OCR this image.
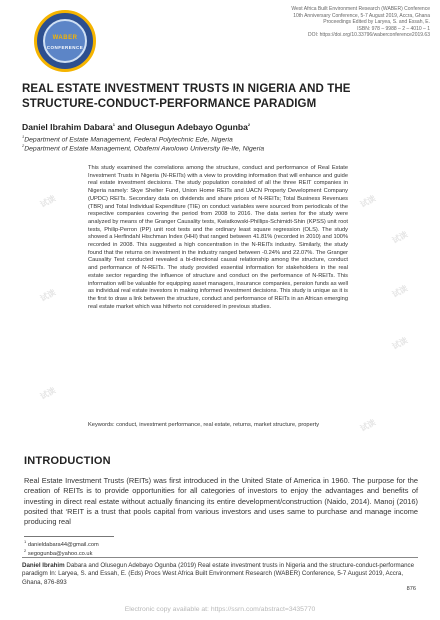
WABER
CONFERENCE
West Africa Built Environment Research (WABER) Conference
10th Anniversary Conference, 5-7 August 2019, Accra, Ghana
Proceedings Edited by Laryea, S. and Essah, E.
ISBN: 978 – 9988 – 2 – 4010 – 1
DOI: https://doi.org/10.33796/waberconference2019.63
REAL ESTATE INVESTMENT TRUSTS IN NIGERIA AND THE
STRUCTURE-CONDUCT-PERFORMANCE PARADIGM
Daniel Ibrahim Dabara$^1$ and Olusegun Adebayo Ogunba$^2$
$^1$Department of Estate Management, Federal Polytechnic Ede, Nigeria
$^2$Department of Estate Management, Obafemi Awolowo University Ile-Ife, Nigeria
This study examined the correlations among the structure, conduct and performance of Real Estate Investment Trusts in Nigeria (N-REITs) with a view to providing information that will enhance and guide real estate investment decisions. The study population consisted of all the three REIT companies in Nigeria namely: Skye Shelter Fund, Union Home REITs and UACN Property Development Company (UPDC) REITs. Secondary data on dividends and share prices of N-REITs; Total Business Revenues (TBR) and Total Individual Expenditure (TIE) on conduct variables were sourced from periodicals of the respective companies covering the period from 2008 to 2016. The data series for the study were analyzed by means of the Granger Causality tests, Kwiatkowski-Phillips-Schimidt-Shin (KPSS) unit root tests, Philip-Perron (PP) unit root tests and the ordinary least square regression (OLS). The study showed a Herfindahl Hischman Index (HHI) that ranged between 41.81% (recorded in 2010) and 100% recorded in 2008. This suggested a high concentration in the N-REITs industry. Similarly, the study found that the returns on investment in the industry ranged between -0.24% and 22.07%. The Granger Causality Test conducted revealed a bi-directional causal relationship among the structure, conduct and performance of N-REITs. The study provided essential information for stakeholders in the real estate sector regarding the influence of structure and conduct on the performance of N-REITs. This information will be valuable for equipping asset managers, insurance companies, pension funds as well as individual real estate investors in making informed investment decisions. This study is unique as it is the first to draw a link between the structure, conduct and performance of REITs in an African emerging real estate market which was hitherto not considered in previous studies.
Keywords: conduct, investment performance, real estate, returns, market structure, property
INTRODUCTION
Real Estate Investment Trusts (REITs) was first introduced in the United State of America in 1960. The purpose for the creation of REITs is to provide opportunities for all categories of investors to enjoy the advantages and benefits of investing in direct real estate without actually financing its entire development/construction (Naido, 2014). Manoj (2016) posited that ‘REIT is a trust that pools capital from various investors and uses same to purchase and manage income producing real
$^1$ danieldabara44@gmail.com
$^2$ segogunba@yahoo.co.uk
Daniel Ibrahim Dabara and Olusegun Adebayo Ogunba (2019) Real estate investment trusts in Nigeria and the structure-conduct-performance paradigm In: Laryea, S. and Essah, E. (Eds) Procs West Africa Built Environment Research (WABER) Conference, 5-7 August 2019, Accra, Ghana, 876-893
876
Electronic copy available at: https://ssrn.com/abstract=3435770
试读
试读
试读
试读
试读
试读
试读
试读
